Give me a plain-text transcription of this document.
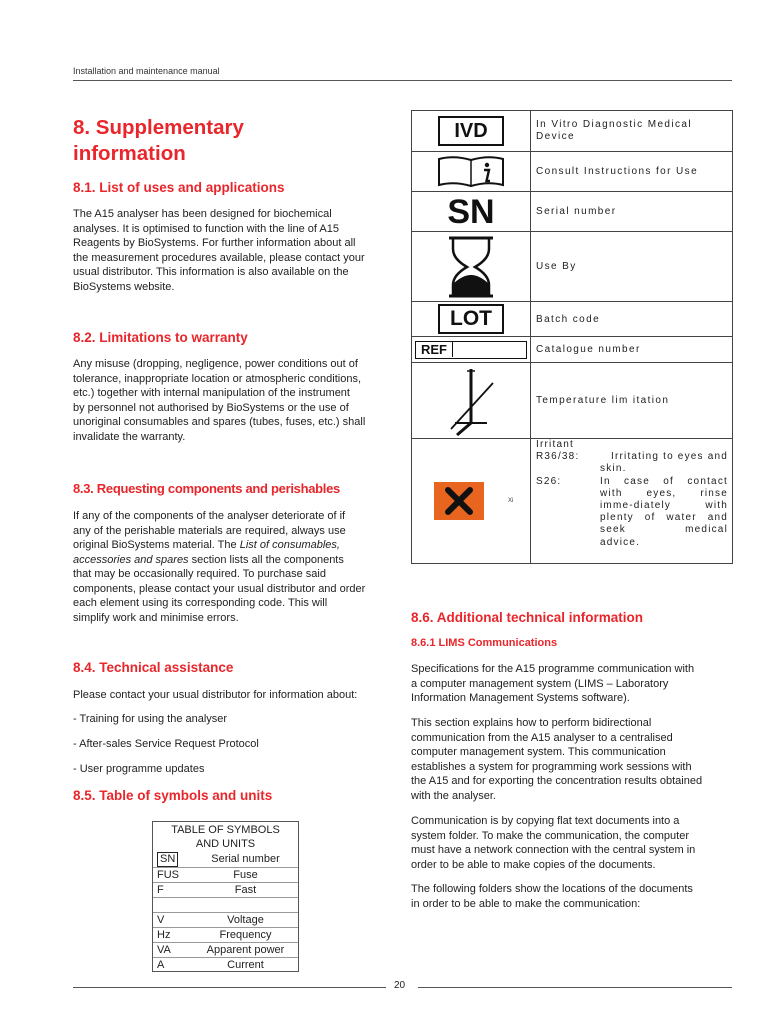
Installation and maintenance manual
8. Supplementary
information
8.1. List of uses and applications
The A15 analyser has been designed for biochemical
analyses. It is optimised to function with the line of A15
Reagents by BioSystems. For further information about all
the measurement procedures available, please contact your
usual distributor. This information is also available on the
BioSystems website.
8.2. Limitations to warranty
Any misuse (dropping, negligence, power conditions out of
tolerance, inappropriate location or atmospheric conditions,
etc.) together with internal manipulation of the instrument
by personnel not authorised by BioSystems or the use of
unoriginal consumables and spares (tubes, fuses, etc.) shall
invalidate the warranty.
8.3. Requesting components and perishables
If any of the components of the analyser deteriorate of if
any of the perishable materials are required, always use
original BioSystems material. The List of consumables,
accessories and spares section lists all the components
that may be occasionally required. To purchase said
components, please contact your usual distributor and order
each element using its corresponding code. This will
simplify work and minimise errors.
8.4. Technical assistance
Please contact your usual distributor for information about:
- Training for using the analyser
- After-sales Service Request Protocol
- User programme updates
8.5. Table of symbols and units
TABLE OF SYMBOLS
AND UNITS
SN	Serial number
FUS	Fuse
F	Fast
V	Voltage
Hz	Frequency
VA	Apparent power
A	Current
IVD	In Vitro Diagnostic Medical
Device
Consult Instructions for Use
SN	Serial number
Use By
LOT	Batch code
REF	Catalogue number
Temperature lim itation
Xi
Irritant
R36/38:	Irritating to eyes and
skin.
S26:	In case of contact
with eyes, rinse
imme-diately with
plenty of water and
seek medical
advice.
8.6. Additional technical information
8.6.1 LIMS Communications
Specifications for the A15 programme communication with
a computer management system (LIMS – Laboratory
Information Management Systems software).
This section explains how to perform bidirectional
communication from the A15 analyser to a centralised
computer management system. This communication
establishes a system for programming work sessions with
the A15 and for exporting the concentration results obtained
with the analyser.
Communication is by copying flat text documents into a
system folder. To make the communication, the computer
must have a network connection with the central system in
order to be able to make copies of the documents.
The following folders show the locations of the documents
in order to be able to make the communication:
20
